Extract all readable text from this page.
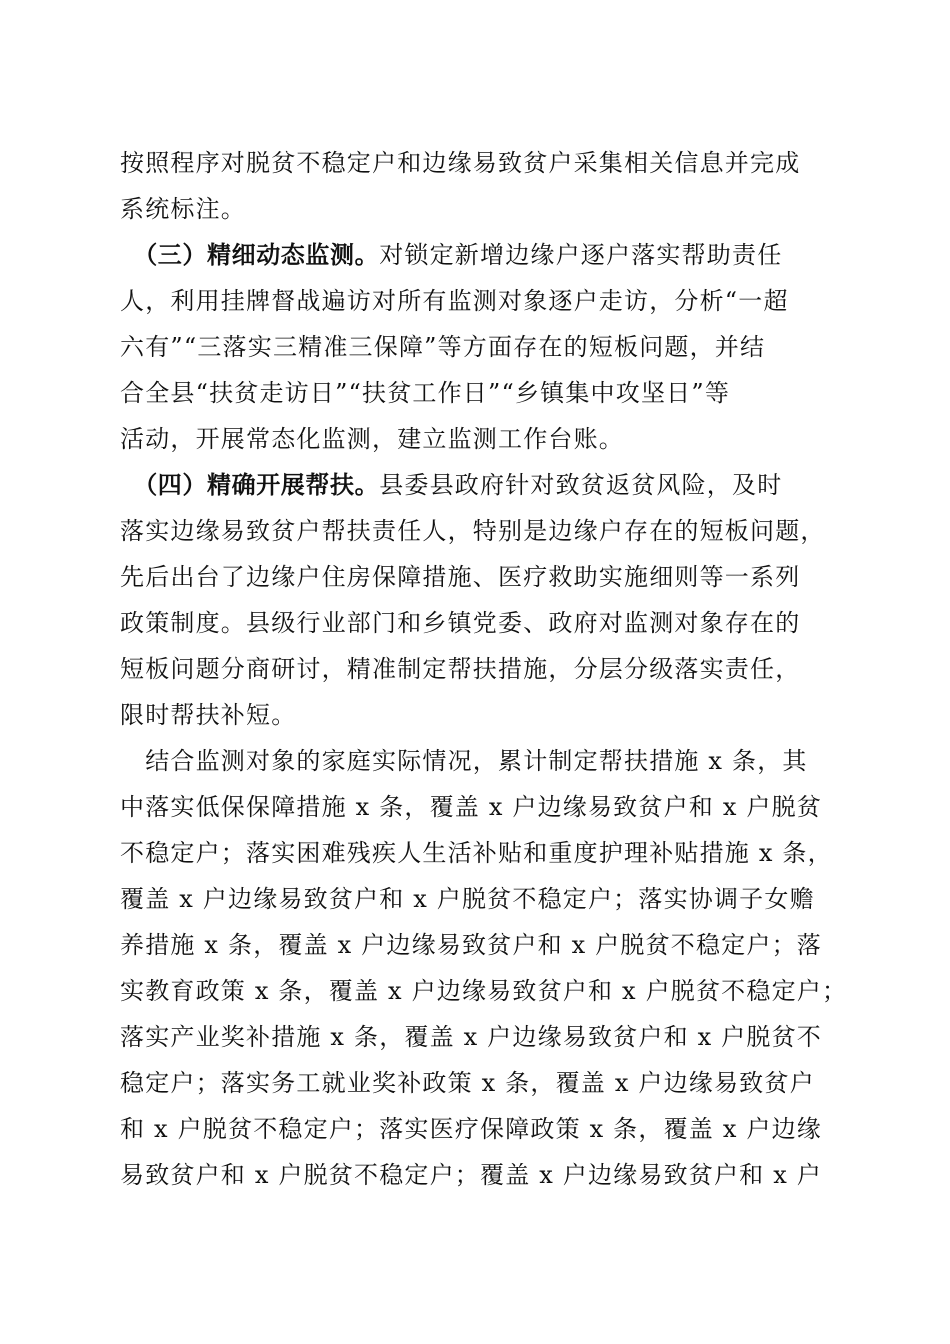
按照程序对脱贫不稳定户和边缘易致贫户采集相关信息并完成
系统标注。
　（三）精细动态监测。对锁定新增边缘户逐户落实帮助责任
人，利用挂牌督战遍访对所有监测对象逐户走访，分析“一超
六有”“三落实三精准三保障”等方面存在的短板问题，并结
合全县“扶贫走访日”“扶贫工作日”“乡镇集中攻坚日”等
活动，开展常态化监测，建立监测工作台账。
　（四）精确开展帮扶。县委县政府针对致贫返贫风险，及时
落实边缘易致贫户帮扶责任人，特别是边缘户存在的短板问题，
先后出台了边缘户住房保障措施、医疗救助实施细则等一系列
政策制度。县级行业部门和乡镇党委、政府对监测对象存在的
短板问题分商研讨，精准制定帮扶措施，分层分级落实责任，
限时帮扶补短。
　结合监测对象的家庭实际情况，累计制定帮扶措施 x 条，其
中落实低保保障措施 x 条，覆盖 x 户边缘易致贫户和 x 户脱贫
不稳定户；落实困难残疾人生活补贴和重度护理补贴措施 x 条，
覆盖 x 户边缘易致贫户和 x 户脱贫不稳定户；落实协调子女赡
养措施 x 条，覆盖 x 户边缘易致贫户和 x 户脱贫不稳定户；落
实教育政策 x 条，覆盖 x 户边缘易致贫户和 x 户脱贫不稳定户；
落实产业奖补措施 x 条，覆盖 x 户边缘易致贫户和 x 户脱贫不
稳定户；落实务工就业奖补政策 x 条，覆盖 x 户边缘易致贫户
和 x 户脱贫不稳定户；落实医疗保障政策 x 条，覆盖 x 户边缘
易致贫户和 x 户脱贫不稳定户；覆盖 x 户边缘易致贫户和 x 户
